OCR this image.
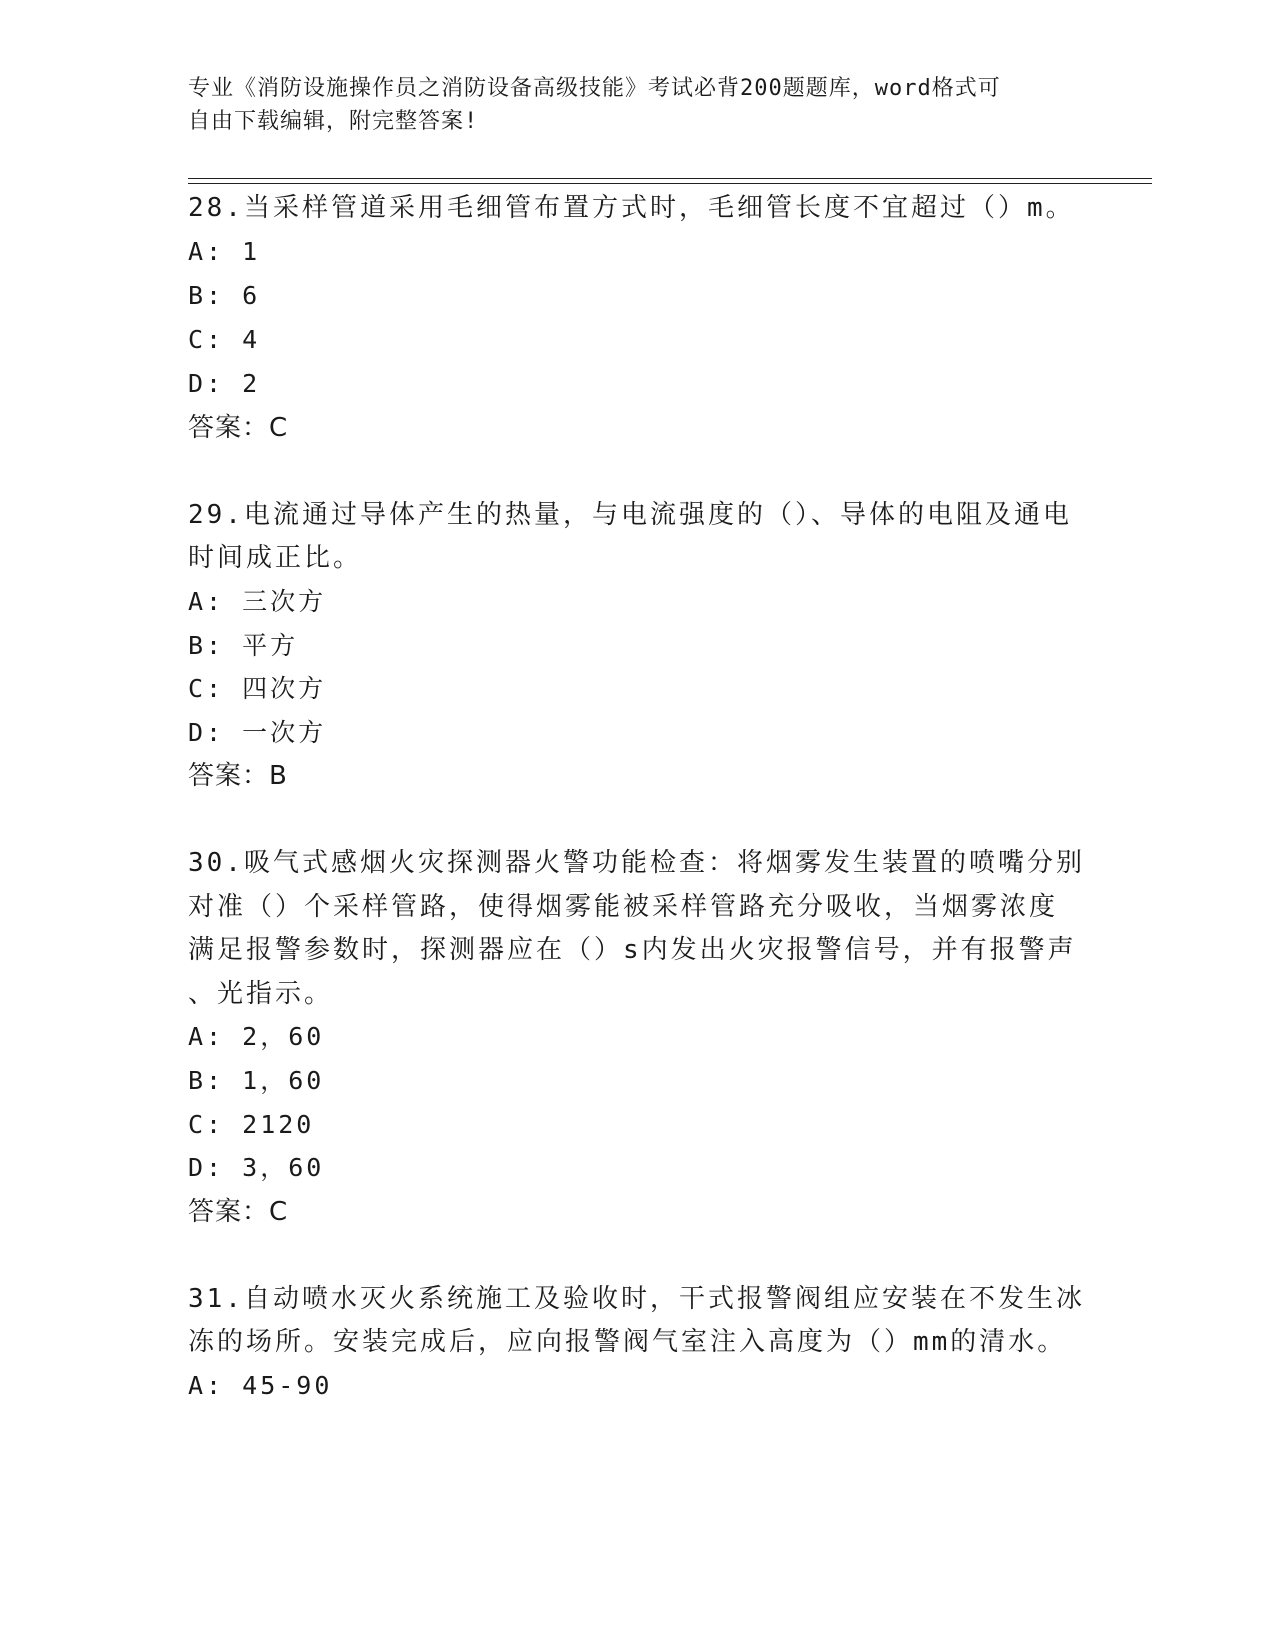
专业《消防设施操作员之消防设备高级技能》考试必背200题题库，word格式可
自由下载编辑，附完整答案!
28.当采样管道采用毛细管布置方式时，毛细管长度不宜超过（）m。
A: 1
B: 6
C: 4
D: 2
答案：C
29.电流通过导体产生的热量，与电流强度的（）、导体的电阻及通电
时间成正比。
A: 三次方
B: 平方
C: 四次方
D: 一次方
答案：B
30.吸气式感烟火灾探测器火警功能检查：将烟雾发生装置的喷嘴分别
对准（）个采样管路，使得烟雾能被采样管路充分吸收，当烟雾浓度
满足报警参数时，探测器应在（）s内发出火灾报警信号，并有报警声
、光指示。
A: 2，60
B: 1，60
C: 2120
D: 3，60
答案：C
31.自动喷水灭火系统施工及验收时，干式报警阀组应安装在不发生冰
冻的场所。安装完成后，应向报警阀气室注入高度为（）mm的清水。
A: 45-90
